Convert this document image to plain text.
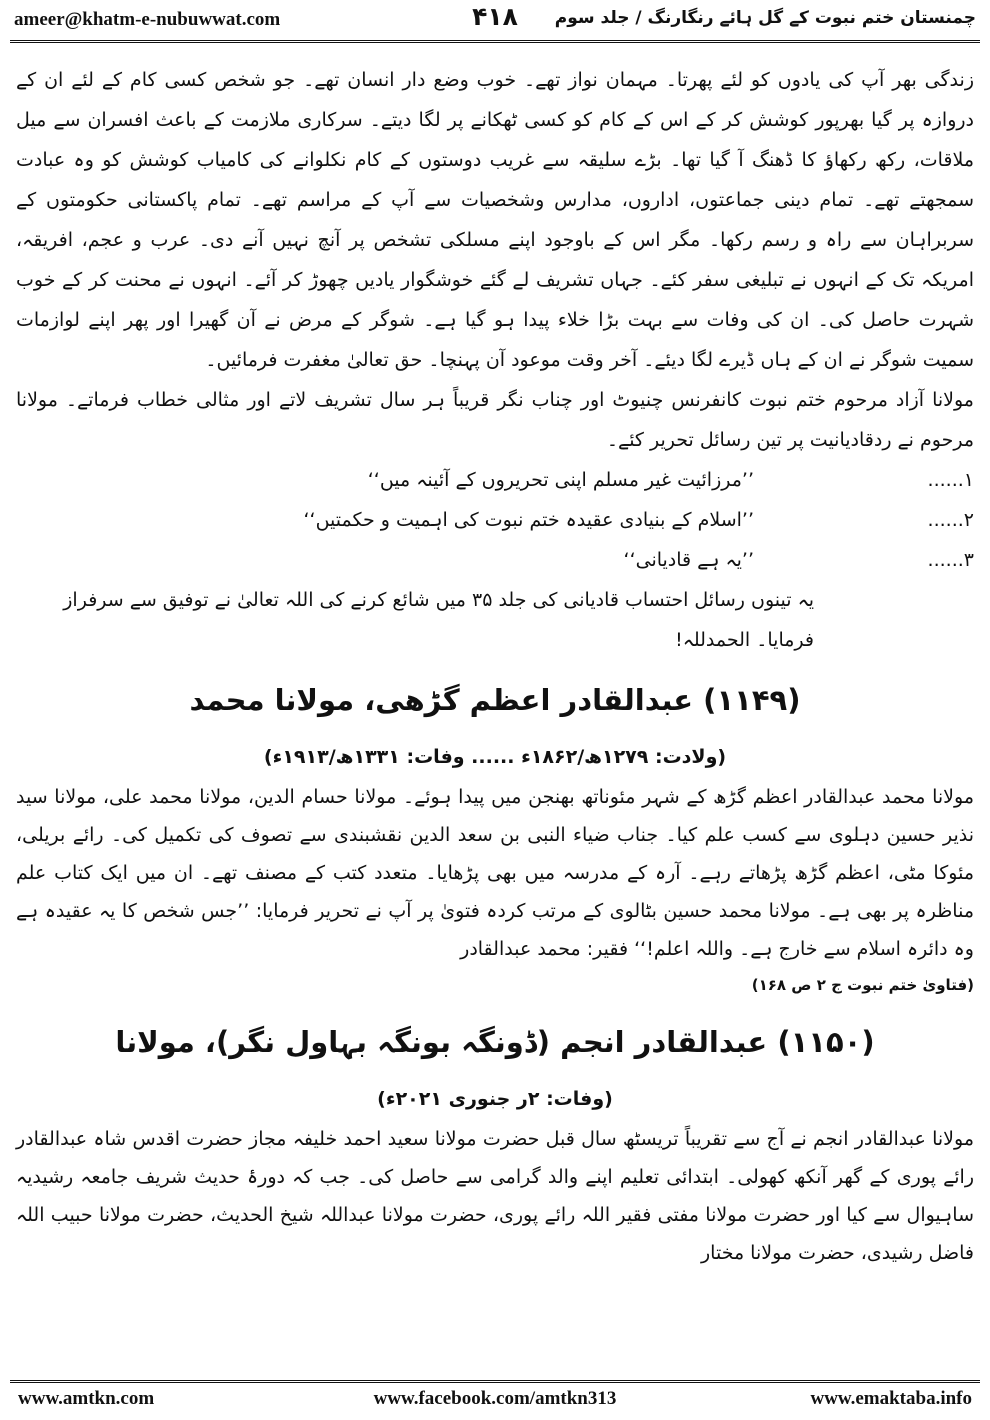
ameer@khatm-e-nubuwwat.com	۴۱۸	چمنستان ختم نبوت کے گل ہائے رنگارنگ / جلد سوم

زندگی بھر آپ کی یادوں کو لئے پھرتا۔ مہمان نواز تھے۔ خوب وضع دار انسان تھے۔ جو شخص کسی کام کے لئے ان کے دروازہ پر گیا بھرپور کوشش کر کے اس کے کام کو کسی ٹھکانے پر لگا دیتے۔ سرکاری ملازمت کے باعث افسران سے میل ملاقات، رکھ رکھاؤ کا ڈھنگ آ گیا تھا۔ بڑے سلیقہ سے غریب دوستوں کے کام نکلوانے کی کامیاب کوشش کو وہ عبادت سمجھتے تھے۔ تمام دینی جماعتوں، اداروں، مدارس وشخصیات سے آپ کے مراسم تھے۔ تمام پاکستانی حکومتوں کے سربراہان سے راہ و رسم رکھا۔ مگر اس کے باوجود اپنے مسلکی تشخص پر آنچ نہیں آنے دی۔ عرب و عجم، افریقہ، امریکہ تک کے انہوں نے تبلیغی سفر کئے۔ جہاں تشریف لے گئے خوشگوار یادیں چھوڑ کر آئے۔ انہوں نے محنت کر کے خوب شہرت حاصل کی۔ ان کی وفات سے بہت بڑا خلاء پیدا ہو گیا ہے۔ شوگر کے مرض نے آن گھیرا اور پھر اپنے لوازمات سمیت شوگر نے ان کے ہاں ڈیرے لگا دیئے۔ آخر وقت موعود آن پہنچا۔ حق تعالیٰ مغفرت فرمائیں۔

مولانا آزاد مرحوم ختم نبوت کانفرنس چنیوٹ اور چناب نگر قریباً ہر سال تشریف لاتے اور مثالی خطاب فرماتے۔ مولانا مرحوم نے ردقادیانیت پر تین رسائل تحریر کئے۔

۱......
’’مرزائیت غیر مسلم اپنی تحریروں کے آئینہ میں‘‘
۲......
’’اسلام کے بنیادی عقیدہ ختم نبوت کی اہمیت و حکمتیں‘‘
۳......
’’یہ ہے قادیانی‘‘
یہ تینوں رسائل احتساب قادیانی کی جلد ۳۵ میں شائع کرنے کی اللہ تعالیٰ نے توفیق سے سرفراز فرمایا۔ الحمدللہ!
(۱۱۴۹) عبدالقادر اعظم گڑھی، مولانا محمد
(ولادت: ۱۲۷۹ھ/۱۸۶۲ء ...... وفات: ۱۳۳۱ھ/۱۹۱۳ء)

مولانا محمد عبدالقادر اعظم گڑھ کے شہر مئوناتھ بھنجن میں پیدا ہوئے۔ مولانا حسام الدین، مولانا محمد علی، مولانا سید نذیر حسین دہلوی سے کسب علم کیا۔ جناب ضیاء النبی بن سعد الدین نقشبندی سے تصوف کی تکمیل کی۔ رائے بریلی، مئوکا مٹی، اعظم گڑھ پڑھاتے رہے۔ آرہ کے مدرسہ میں بھی پڑھایا۔ متعدد کتب کے مصنف تھے۔ ان میں ایک کتاب علم مناظرہ پر بھی ہے۔ مولانا محمد حسین بٹالوی کے مرتب کردہ فتویٰ پر آپ نے تحریر فرمایا: ’’جس شخص کا یہ عقیدہ ہے وہ دائرہ اسلام سے خارج ہے۔ واللہ اعلم!‘‘ فقیر: محمد عبدالقادر

(فتاویٰ ختم نبوت ج ۲ ص ۱۶۸)
(۱۱۵۰) عبدالقادر انجم (ڈونگہ بونگہ بہاول نگر)، مولانا
(وفات: ۲ر جنوری ۲۰۲۱ء)

مولانا عبدالقادر انجم نے آج سے تقریباً تریسٹھ سال قبل حضرت مولانا سعید احمد خلیفہ مجاز حضرت اقدس شاہ عبدالقادر رائے پوری کے گھر آنکھ کھولی۔ ابتدائی تعلیم اپنے والد گرامی سے حاصل کی۔ جب کہ دورۂ حدیث شریف جامعہ رشیدیہ ساہیوال سے کیا اور حضرت مولانا مفتی فقیر اللہ رائے پوری، حضرت مولانا عبداللہ شیخ الحدیث، حضرت مولانا حبیب اللہ فاضل رشیدی، حضرت مولانا مختار

www.amtkn.com	www.facebook.com/amtkn313	www.emaktaba.info
